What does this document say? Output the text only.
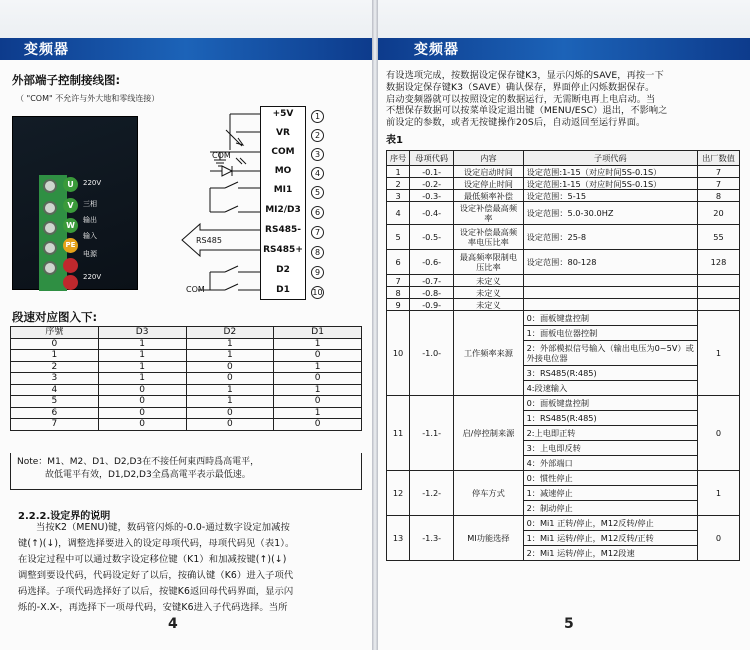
变频器
外部端子控制接线图:
（ "COM" 不允许与外大地和零线连接）
U
V
W
PE
220V
三相
输出
输入
电源
220V
COM
RS485
COM
+5V
VR
COM
MO
MI1
MI2/D3
RS485-
RS485+
D2
D1
1
2
3
4
5
6
7
8
9
10
段速对应图入下:
序號	D3	D2	D1
0	1	1	1
1	1	1	0
2	1	0	1
3	1	0	0
4	0	1	1
5	0	1	0
6	0	0	1
7	0	0	0
Note：M1、M2、D1、D2,D3在不接任何東西時爲高電平，
故低電平有效，D1,D2,D3全爲高電平表示最低速。
2.2.2.设定界的说明
当按K2（MENU)键，数码管闪烁的-0.0-通过数字设定加减按
键(↑)(↓)，调整选择要进入的设定母项代码，母项代码见（表1）。
在设定过程中可以通过数字设定移位键（K1）和加减按键(↑)(↓)
调整到要设代码，代码设定好了以后，按确认键（K6）进入子项代
码选择。子项代码选择好了以后，按键K6返回母代码界面，显示闪
烁的-X.X-，再选择下一项母代码，安键K6进入子代码选择。当所
4
变频器
有设选项完成，按数据设定保存键K3，显示闪烁的SAVE，再按一下
数据设定保存键K3（SAVE）确认保存，界面停止闪烁数据保存。
启动变频器就可以按照设定的数据运行，无需断电再上电启动。当
不想保存数据可以按菜单设定退出键（MENU/ESC）退出，不影响之
前设定的参数，或者无按键操作20S后，自动返回至运行界面。
表1
5
序号	母项代码	内容	子项代码	出厂数值
1	-0.1-	设定启动时间	设定范围:1-15（对应时间5S-0.1S）	7
2	-0.2-	设定停止时间	设定范围:1-15（对应时间5S-0.1S）	7
3	-0.3-	最低频率补偿	设定范围：5-15	8
4	-0.4-	设定补偿最高频率	设定范围：5.0-30.0HZ	20
5	-0.5-	设定补偿最高频率电压比率	设定范围：25-8	55
6	-0.6-	最高频率限制电压比率	设定范围：80-128	128
7	-0.7-	未定义	

8	-0.8-	未定义	

9	-0.9-	未定义	

10	-1.0-	工作频率来源	0：面板键盘控制
1：面板电位器控制
2：外部模拟信号输入（输出电压为0~5V）或外接电位器
3：RS485(R:485)
4:段速输入	1
11	-1.1-	启/停控制来源	0：面板键盘控制
1：RS485(R:485)
2:上电即正转
3：上电即反转
4：外部端口	0
12	-1.2-	停车方式	0：惯性停止
1：减速停止
2：制动停止	1
13	-1.3-	MI功能选择	0：Mi1 正转/停止，M12反转/停止
1：Mi1 运转/停止，M12反转/正转
2：Mi1 运转/停止，M12段速	0
